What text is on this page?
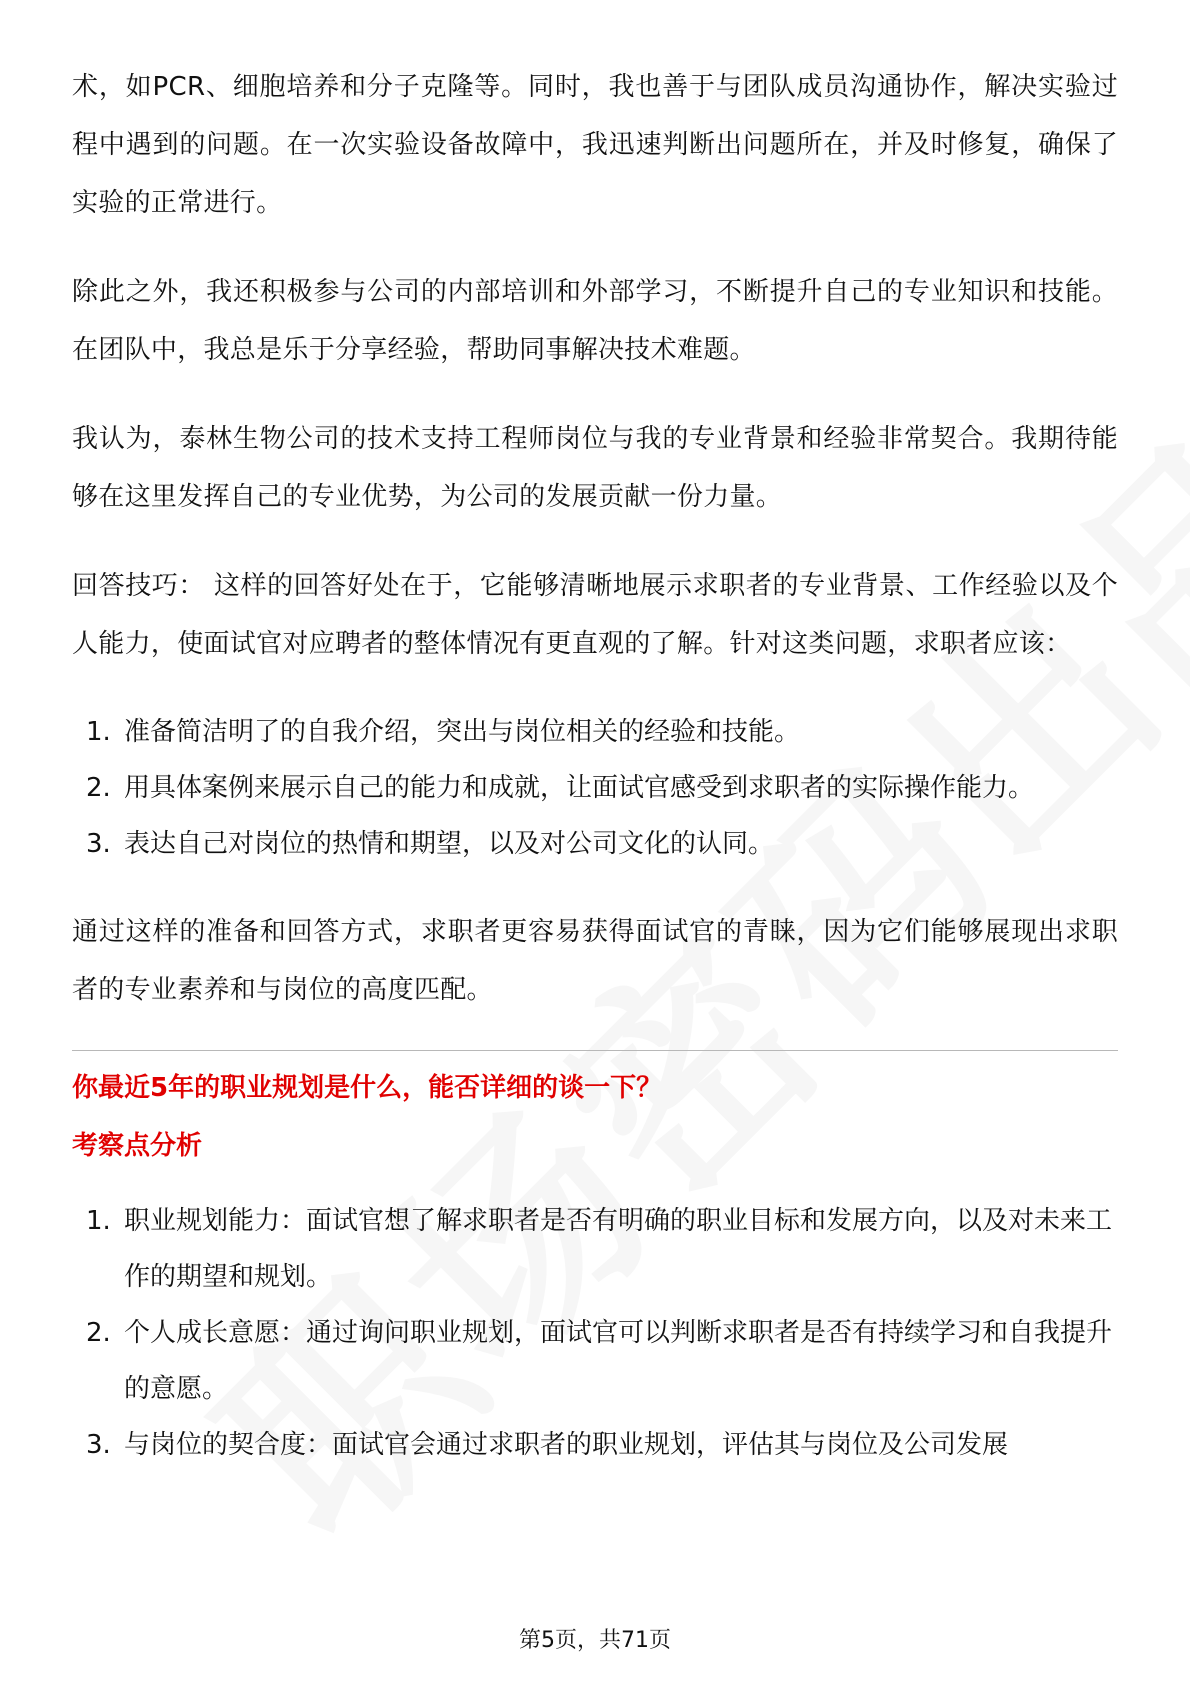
术，如PCR、细胞培养和分子克隆等。同时，我也善于与团队成员沟通协作，解决实验过程中遇到的问题。在一次实验设备故障中，我迅速判断出问题所在，并及时修复，确保了实验的正常进行。

除此之外，我还积极参与公司的内部培训和外部学习，不断提升自己的专业知识和技能。在团队中，我总是乐于分享经验，帮助同事解决技术难题。

我认为，泰林生物公司的技术支持工程师岗位与我的专业背景和经验非常契合。我期待能够在这里发挥自己的专业优势，为公司的发展贡献一份力量。

回答技巧： 这样的回答好处在于，它能够清晰地展示求职者的专业背景、工作经验以及个人能力，使面试官对应聘者的整体情况有更直观的了解。针对这类问题，求职者应该：

1. 准备简洁明了的自我介绍，突出与岗位相关的经验和技能。
2. 用具体案例来展示自己的能力和成就，让面试官感受到求职者的实际操作能力。
3. 表达自己对岗位的热情和期望，以及对公司文化的认同。

通过这样的准备和回答方式，求职者更容易获得面试官的青睐，因为它们能够展现出求职者的专业素养和与岗位的高度匹配。

你最近5年的职业规划是什么，能否详细的谈一下？
考察点分析
1. 职业规划能力：面试官想了解求职者是否有明确的职业目标和发展方向，以及对未来工作的期望和规划。
2. 个人成长意愿：通过询问职业规划，面试官可以判断求职者是否有持续学习和自我提升的意愿。
3. 与岗位的契合度：面试官会通过求职者的职业规划，评估其与岗位及公司发展
第5页，共71页
